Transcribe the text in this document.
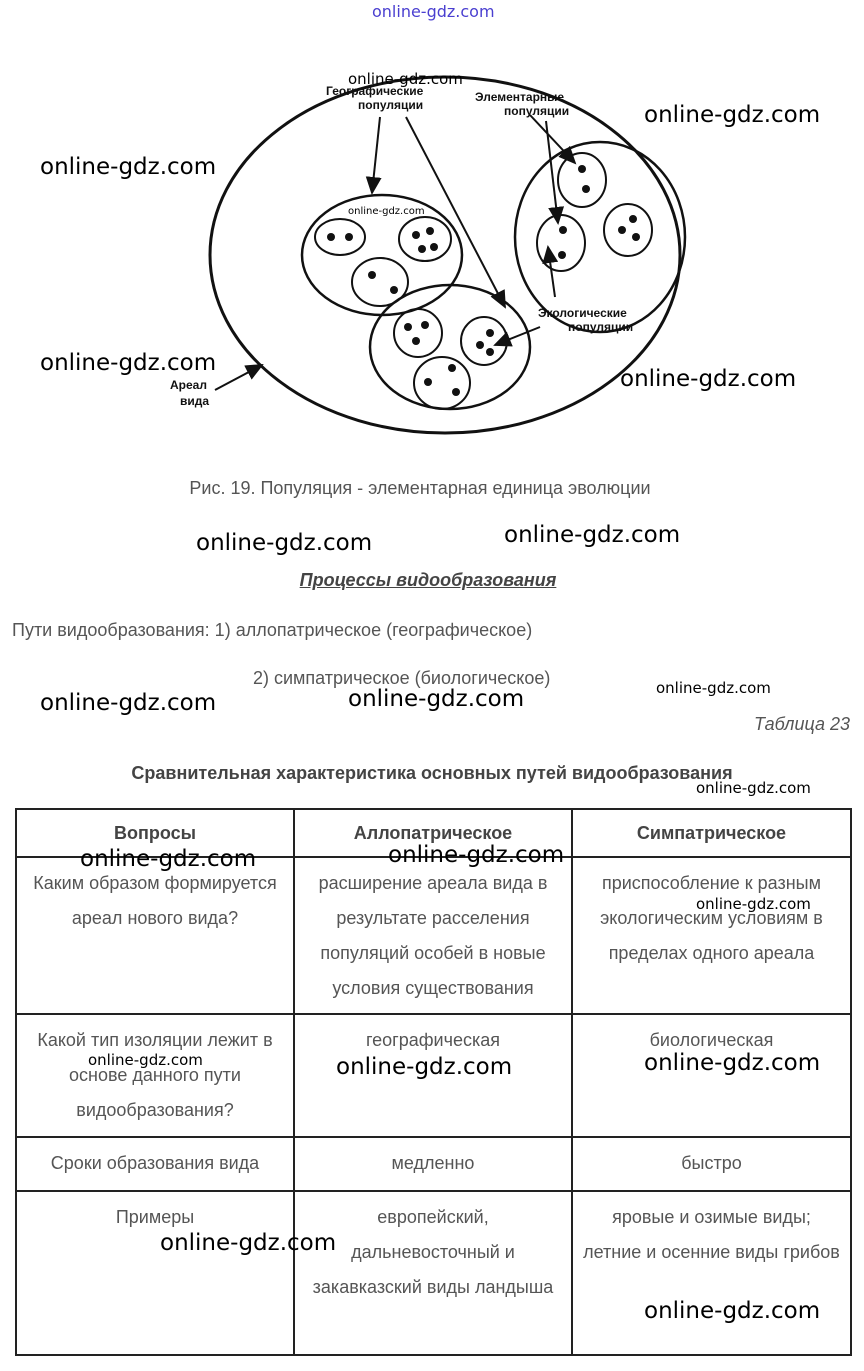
online-gdz.com
Географические
популяции
Элементарные
популяции
Экологические
популяции
Ареал
вида
Рис. 19. Популяция - элементарная единица эволюции
Процессы видообразования
Пути видообразования: 1) аллопатрическое (географическое)
2) симпатрическое (биологическое)
Таблица 23
Сравнительная характеристика основных путей видообразования
Вопросы	Аллопатрическое	Симпатрическое
Каким образом формируется ареал нового вида?	расширение ареала вида в результате расселения популяций особей в новые условия существования	приспособление к разным экологическим условиям в пределах одного ареала
Какой тип изоляции лежит в основе данного пути видообразования?	географическая	биологическая
Сроки образования вида	медленно	быстро
Примеры	европейский, дальневосточный и закавказский виды ландыша	яровые и озимые виды; летние и осенние виды грибов
online-gdz.com
online-gdz.com
online-gdz.com
online-gdz.com
online-gdz.com
online-gdz.com
online-gdz.com	online-gdz.com
online-gdz.com	online-gdz.com	online-gdz.com
online-gdz.com
online-gdz.com	online-gdz.com
online-gdz.com
online-gdz.com	online-gdz.com	online-gdz.com
online-gdz.com
online-gdz.com
